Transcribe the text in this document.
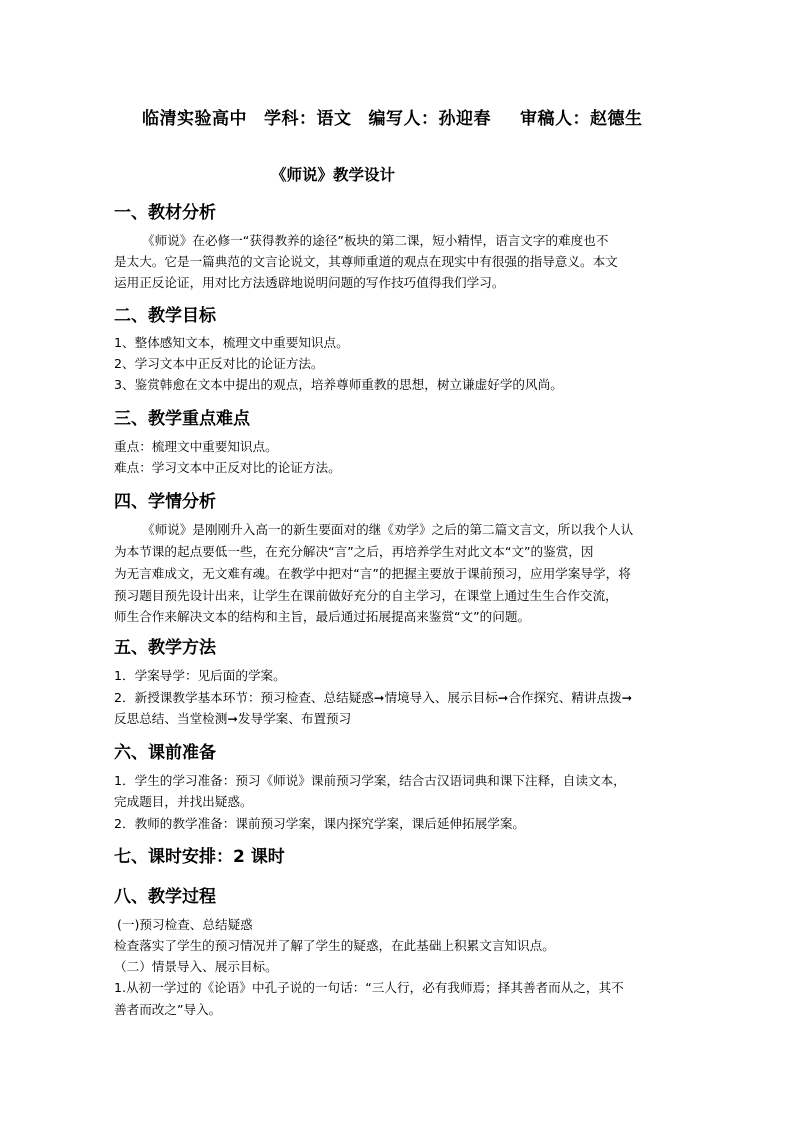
临清实验高中 学科：语文 编写人：孙迎春 审稿人：赵德生
《师说》教学设计
一、教材分析
《师说》在必修一“获得教养的途径”板块的第二课，短小精悍，语言文字的难度也不
是太大。它是一篇典范的文言论说文，其尊师重道的观点在现实中有很强的指导意义。本文
运用正反论证，用对比方法透辟地说明问题的写作技巧值得我们学习。
二、教学目标
1、整体感知文本，梳理文中重要知识点。
2、学习文本中正反对比的论证方法。
3、鉴赏韩愈在文本中提出的观点，培养尊师重教的思想，树立谦虚好学的风尚。
三、教学重点难点
重点：梳理文中重要知识点。
难点：学习文本中正反对比的论证方法。
四、学情分析
《师说》是刚刚升入高一的新生要面对的继《劝学》之后的第二篇文言文，所以我个人认
为本节课的起点要低一些，在充分解决“言”之后，再培养学生对此文本“文”的鉴赏，因
为无言难成文，无文难有魂。在教学中把对“言”的把握主要放于课前预习，应用学案导学，将
预习题目预先设计出来，让学生在课前做好充分的自主学习，在课堂上通过生生合作交流，
师生合作来解决文本的结构和主旨，最后通过拓展提高来鉴赏“文”的问题。
五、教学方法
1．学案导学：见后面的学案。
2．新授课教学基本环节：预习检查、总结疑惑➞情境导入、展示目标➞合作探究、精讲点拨➞
反思总结、当堂检测➞发导学案、布置预习
六、课前准备
1．学生的学习准备：预习《师说》课前预习学案，结合古汉语词典和课下注释，自读文本，
完成题目，并找出疑惑。
2．教师的教学准备：课前预习学案，课内探究学案，课后延伸拓展学案。
七、课时安排：2 课时
八、教学过程
(一)预习检查、总结疑惑
检查落实了学生的预习情况并了解了学生的疑惑，在此基础上积累文言知识点。
（二）情景导入、展示目标。
1.从初一学过的《论语》中孔子说的一句话：“三人行，必有我师焉；择其善者而从之，其不
善者而改之”导入。
